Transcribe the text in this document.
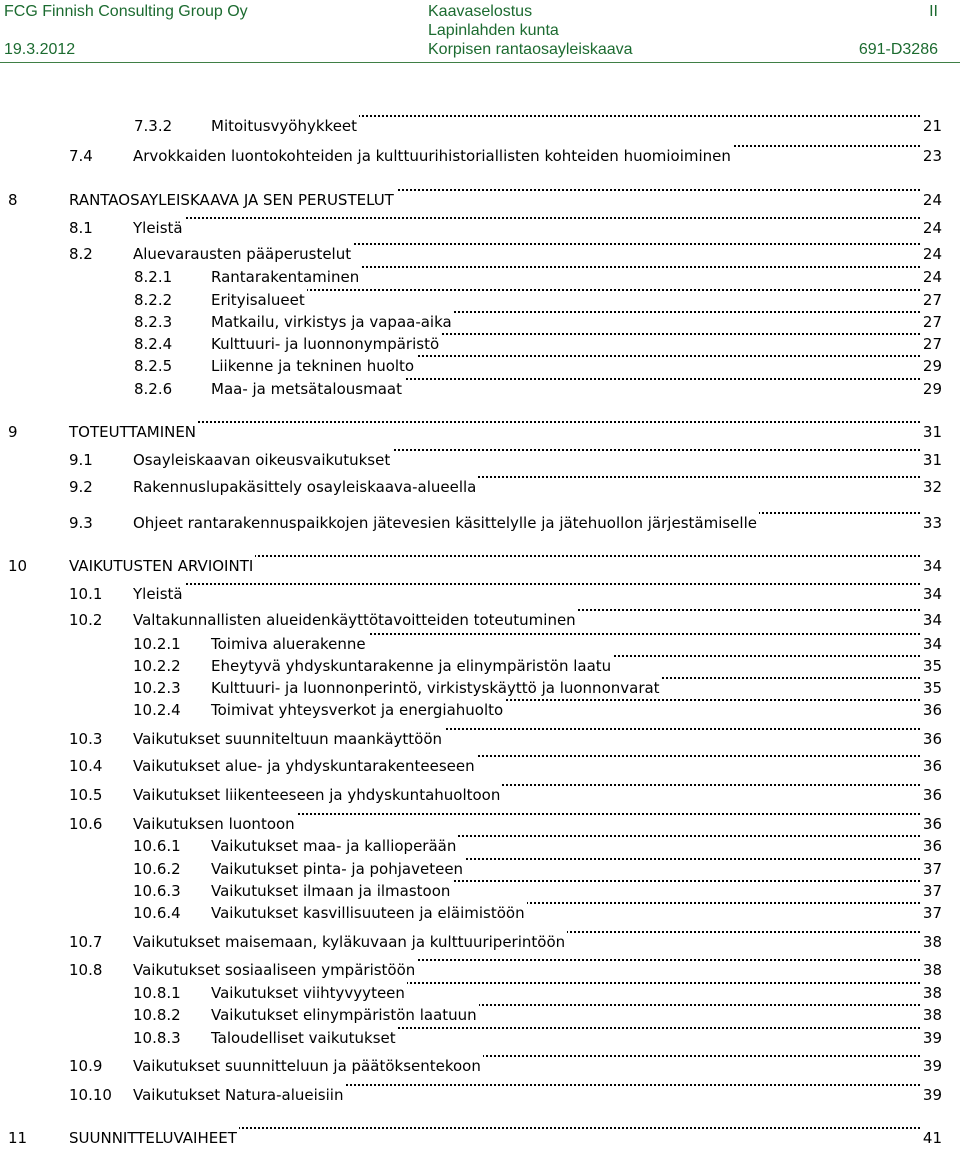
FCG Finnish Consulting Group Oy
19.3.2012
Kaavaselostus
Lapinlahden kunta
Korpisen rantaosayleiskaava
II
691-D3286
7.3.2	Mitoitusvyöhykkeet	21
7.4	Arvokkaiden luontokohteiden ja kulttuurihistoriallisten kohteiden huomioiminen	23
8	RANTAOSAYLEISKAAVA JA SEN PERUSTELUT	24
8.1	Yleistä	24
8.2	Aluevarausten pääperustelut	24
8.2.1	Rantarakentaminen	24
8.2.2	Erityisalueet	27
8.2.3	Matkailu, virkistys ja vapaa-aika	27
8.2.4	Kulttuuri- ja luonnonympäristö	27
8.2.5	Liikenne ja tekninen huolto	29
8.2.6	Maa- ja metsätalousmaat	29
9	TOTEUTTAMINEN	31
9.1	Osayleiskaavan oikeusvaikutukset	31
9.2	Rakennuslupakäsittely osayleiskaava-alueella	32
9.3	Ohjeet rantarakennuspaikkojen jätevesien käsittelylle ja jätehuollon järjestämiselle	33
10	VAIKUTUSTEN ARVIOINTI	34
10.1 Yleistä	34
10.2 Valtakunnallisten alueidenkäyttötavoitteiden toteutuminen	34
10.2.1 Toimiva aluerakenne	34
10.2.2 Eheytyvä yhdyskuntarakenne ja elinympäristön laatu	35
10.2.3 Kulttuuri- ja luonnonperintö, virkistyskäyttö ja luonnonvarat	35
10.2.4 Toimivat yhteysverkot ja energiahuolto	36
10.3 Vaikutukset suunniteltuun maankäyttöön	36
10.4 Vaikutukset alue- ja yhdyskuntarakenteeseen	36
10.5 Vaikutukset liikenteeseen ja yhdyskuntahuoltoon	36
10.6 Vaikutuksen luontoon	36
10.6.1 Vaikutukset maa- ja kallioperään	36
10.6.2 Vaikutukset pinta- ja pohjaveteen	37
10.6.3 Vaikutukset ilmaan ja ilmastoon	37
10.6.4 Vaikutukset kasvillisuuteen ja eläimistöön	37
10.7 Vaikutukset maisemaan, kyläkuvaan ja kulttuuriperintöön	38
10.8 Vaikutukset sosiaaliseen ympäristöön	38
10.8.1 Vaikutukset viihtyvyyteen	38
10.8.2 Vaikutukset elinympäristön laatuun	38
10.8.3 Taloudelliset vaikutukset	39
10.9 Vaikutukset suunnitteluun ja päätöksentekoon	39
10.10 Vaikutukset Natura-alueisiin	39
11	SUUNNITTELUVAIHEET	41
